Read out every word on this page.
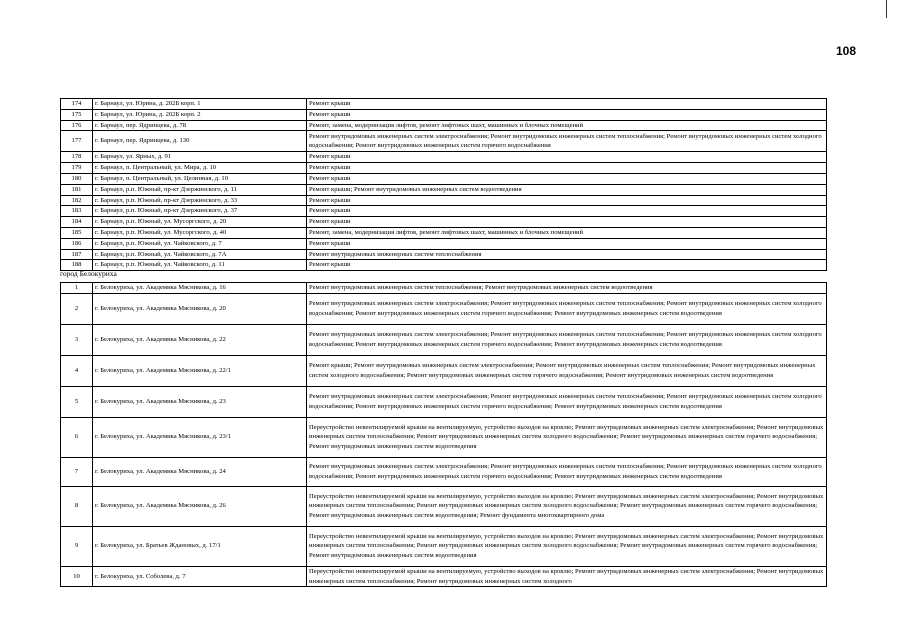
108
174	г. Барнаул, ул. Юрина, д. 202Б корп. 1	Ремонт крыши
175	г. Барнаул, ул. Юрина, д. 202Б корп. 2	Ремонт крыши
176	г. Барнаул, пер. Ядринцева, д. 78	Ремонт, замена, модернизация лифтов, ремонт лифтовых шахт, машинных и блочных помещений
177	г. Барнаул, пер. Ядринцева, д. 130	Ремонт внутридомовых инженерных систем электроснабжения; Ремонт внутридомовых инженерных систем теплоснабжения; Ремонт внутридомовых инженерных систем холодного водоснабжения; Ремонт внутридомовых инженерных систем горячего водоснабжения
178	г. Барнаул, ул. Ярных, д. 91	Ремонт крыши
179	г. Барнаул, п. Центральный, ул. Мира, д. 10	Ремонт крыши
180	г. Барнаул, п. Центральный, ул. Целинная, д. 10	Ремонт крыши
181	г. Барнаул, р.п. Южный, пр-кт Дзержинского, д. 11	Ремонт крыши; Ремонт внутридомовых инженерных систем водоотведения
182	г. Барнаул, р.п. Южный, пр-кт Дзержинского, д. 33	Ремонт крыши
183	г. Барнаул, р.п. Южный, пр-кт Дзержинского, д. 37	Ремонт крыши
184	г. Барнаул, р.п. Южный, ул. Мусоргского, д. 20	Ремонт крыши
185	г. Барнаул, р.п. Южный, ул. Мусоргского, д. 40	Ремонт, замена, модернизация лифтов, ремонт лифтовых шахт, машинных и блочных помещений
186	г. Барнаул, р.п. Южный, ул. Чайковского, д. 7	Ремонт крыши
187	г. Барнаул, р.п. Южный, ул. Чайковского, д. 7А	Ремонт внутридомовых инженерных систем теплоснабжения
188	г. Барнаул, р.п. Южный, ул. Чайковского, д. 11	Ремонт крыши
город Белокуриха
1	г. Белокуриха, ул. Академика Мясникова, д. 16	Ремонт внутридомовых инженерных систем теплоснабжения; Ремонт внутридомовых инженерных систем водоотведения
2	г. Белокуриха, ул. Академика Мясникова, д. 20	Ремонт внутридомовых инженерных систем электроснабжения; Ремонт внутридомовых инженерных систем теплоснабжения; Ремонт внутридомовых инженерных систем холодного водоснабжения; Ремонт внутридомовых инженерных систем горячего водоснабжения; Ремонт внутридомовых инженерных систем водоотведения
3	г. Белокуриха, ул. Академика Мясникова, д. 22	Ремонт внутридомовых инженерных систем электроснабжения; Ремонт внутридомовых инженерных систем теплоснабжения; Ремонт внутридомовых инженерных систем холодного водоснабжения; Ремонт внутридомовых инженерных систем горячего водоснабжения; Ремонт внутридомовых инженерных систем водоотведения
4	г. Белокуриха, ул. Академика Мясникова, д. 22/1	Ремонт крыши; Ремонт внутридомовых инженерных систем электроснабжения; Ремонт внутридомовых инженерных систем теплоснабжения; Ремонт внутридомовых инженерных систем холодного водоснабжения; Ремонт внутридомовых инженерных систем горячего водоснабжения; Ремонт внутридомовых инженерных систем водоотведения
5	г. Белокуриха, ул. Академика Мясникова, д. 23	Ремонт внутридомовых инженерных систем электроснабжения; Ремонт внутридомовых инженерных систем теплоснабжения; Ремонт внутридомовых инженерных систем холодного водоснабжения; Ремонт внутридомовых инженерных систем горячего водоснабжения; Ремонт внутридомовых инженерных систем водоотведения
6	г. Белокуриха, ул. Академика Мясникова, д. 23/1	Переустройство невентилируемой крыши на вентилируемую, устройство выходов на кровлю; Ремонт внутридомовых инженерных систем электроснабжения; Ремонт внутридомовых инженерных систем теплоснабжения; Ремонт внутридомовых инженерных систем холодного водоснабжения; Ремонт внутридомовых инженерных систем горячего водоснабжения; Ремонт внутридомовых инженерных систем водоотведения
7	г. Белокуриха, ул. Академика Мясникова, д. 24	Ремонт внутридомовых инженерных систем электроснабжения; Ремонт внутридомовых инженерных систем теплоснабжения; Ремонт внутридомовых инженерных систем холодного водоснабжения; Ремонт внутридомовых инженерных систем горячего водоснабжения; Ремонт внутридомовых инженерных систем водоотведения
8	г. Белокуриха, ул. Академика Мясникова, д. 26	Переустройство невентилируемой крыши на вентилируемую, устройство выходов на кровлю; Ремонт внутридомовых инженерных систем электроснабжения; Ремонт внутридомовых инженерных систем теплоснабжения; Ремонт внутридомовых инженерных систем холодного водоснабжения; Ремонт внутридомовых инженерных систем горячего водоснабжения; Ремонт внутридомовых инженерных систем водоотведения; Ремонт фундамента многоквартирного дома
9	г. Белокуриха, ул. Братьев Ждановых, д. 17/1	Переустройство невентилируемой крыши на вентилируемую, устройство выходов на кровлю; Ремонт внутридомовых инженерных систем электроснабжения; Ремонт внутридомовых инженерных систем теплоснабжения; Ремонт внутридомовых инженерных систем холодного водоснабжения; Ремонт внутридомовых инженерных систем горячего водоснабжения; Ремонт внутридомовых инженерных систем водоотведения
10	г. Белокуриха, ул. Соболева, д. 7	Переустройство невентилируемой крыши на вентилируемую, устройство выходов на кровлю; Ремонт внутридомовых инженерных систем электроснабжения; Ремонт внутридомовых инженерных систем теплоснабжения; Ремонт внутридомовых инженерных систем холодного
